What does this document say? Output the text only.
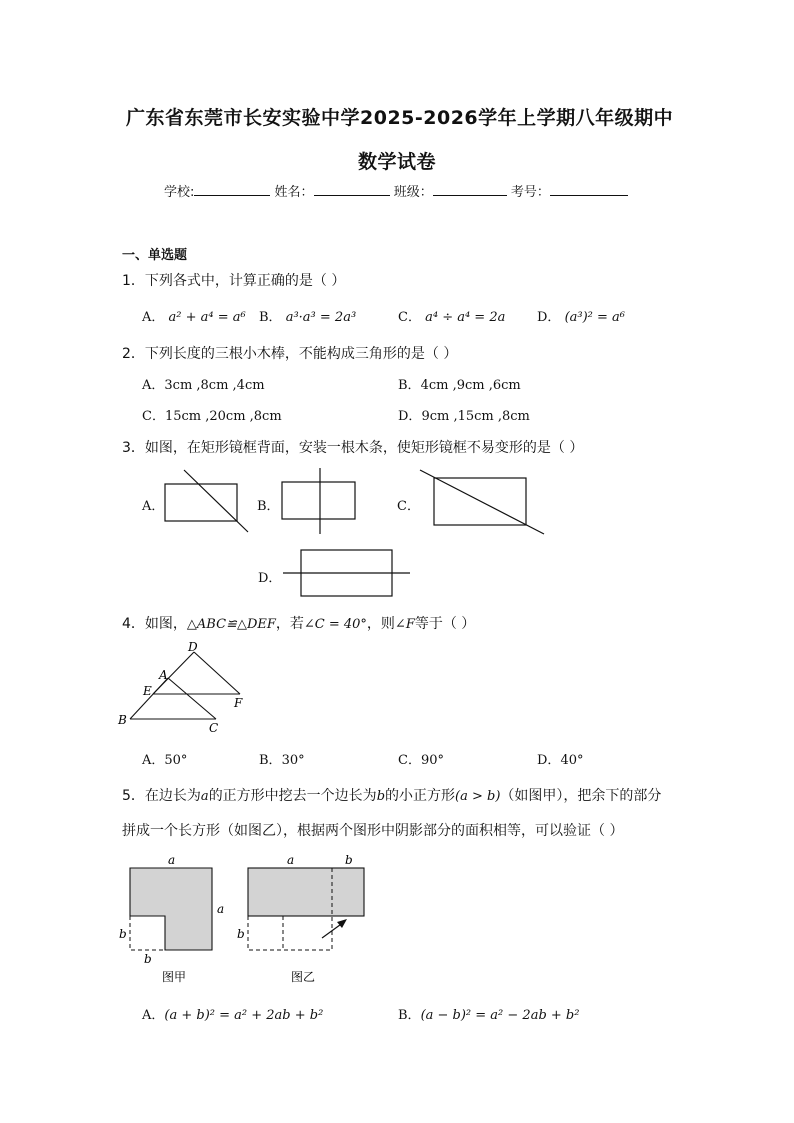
广东省东莞市长安实验中学2025-2026学年上学期八年级期中
数学试卷
学校:	姓名：	班级：	考号：
一、单选题
1．下列各式中，计算正确的是（ ）
A． a² + a⁴ = a⁶ B． a³·a³ = 2a³	C． a⁴ ÷ a⁴ = 2a D． (a³)² = a⁶
2．下列长度的三根小木棒，不能构成三角形的是（ ）
A．3cm ,8cm ,4cm	B．4cm ,9cm ,6cm
C．15cm ,20cm ,8cm	D．9cm ,15cm ,8cm
3．如图，在矩形镜框背面，安装一根木条，使矩形镜框不易变形的是（ ）
A．	B．	C．
D．
4．如图，△ABC≌△DEF，若∠C = 40°，则∠F等于（ ）
D
A
E
F
B
C
A．50°	B．30°	C．90°	D．40°
5．在边长为a的正方形中挖去一个边长为b的小正方形(a > b)（如图甲），把余下的部分
拼成一个长方形（如图乙），根据两个图形中阴影部分的面积相等，可以验证（ ）
a
a
b
b
图甲
a	b
b
图乙
A．(a + b)² = a² + 2ab + b²	B．(a − b)² = a² − 2ab + b²
